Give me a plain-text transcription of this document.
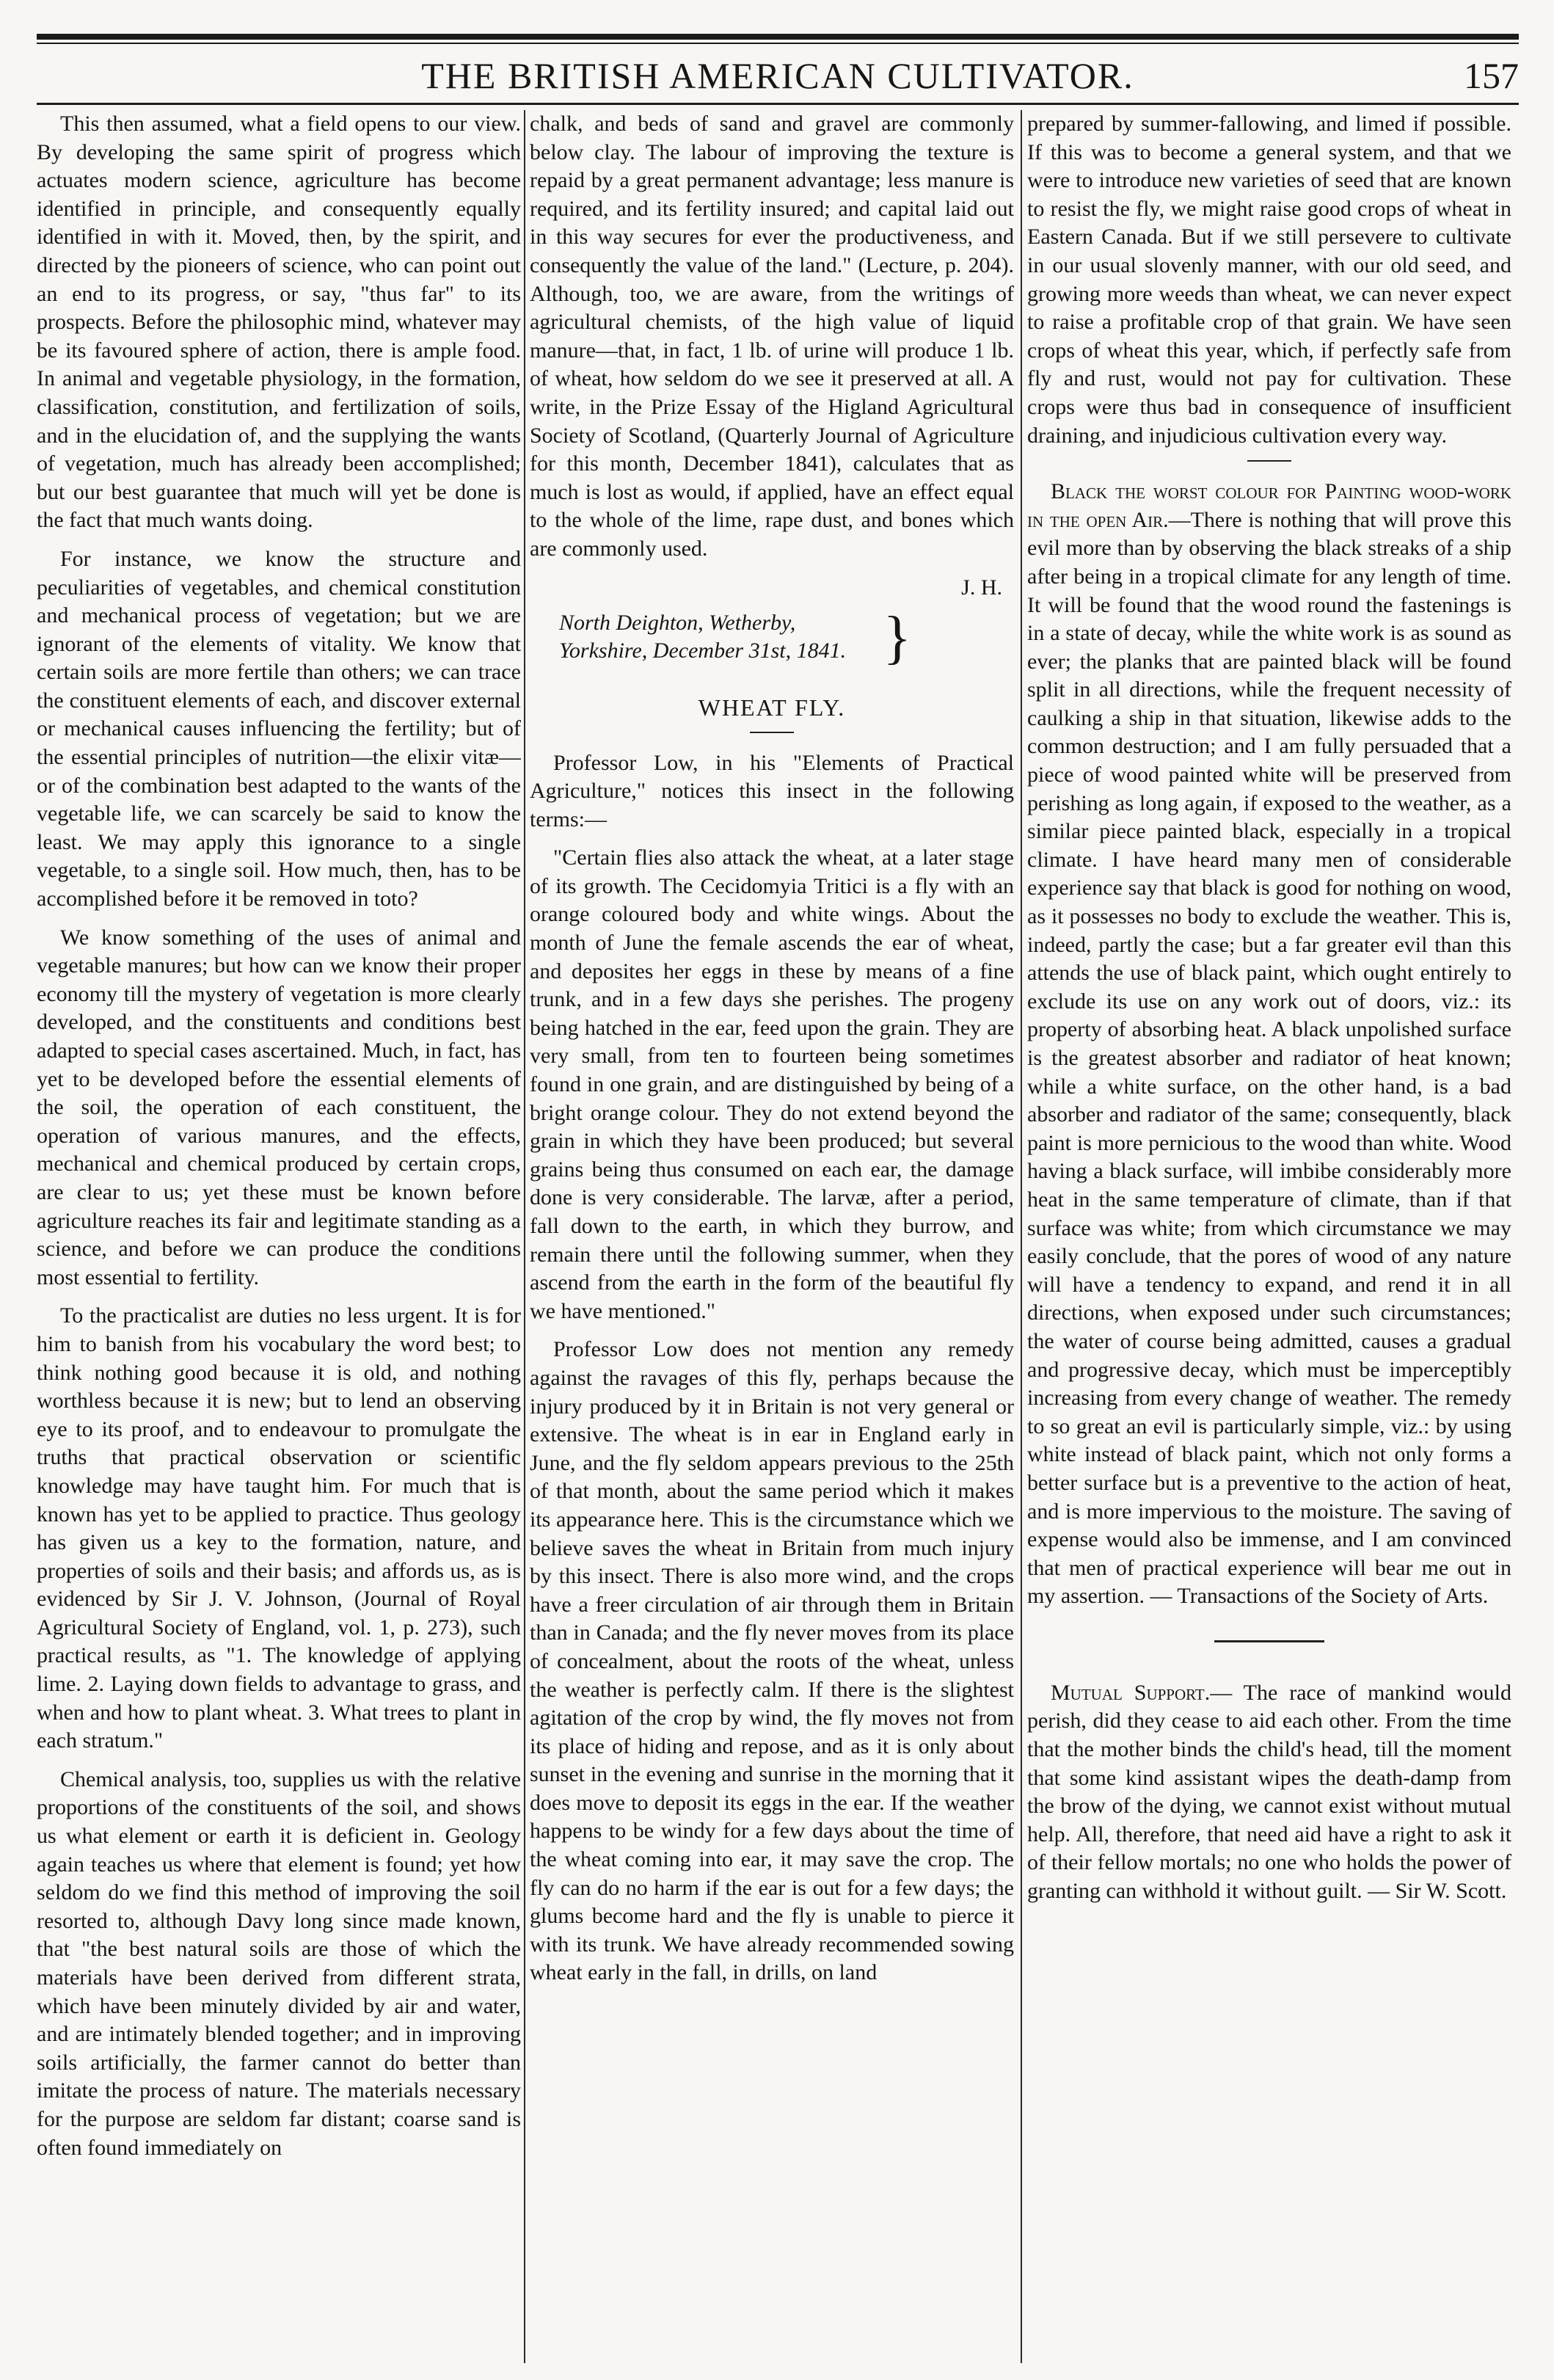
THE BRITISH AMERICAN CULTIVATOR.	157

This then assumed, what a field opens to our view. By developing the same spirit of progress which actuates modern science, agriculture has become identified in principle, and consequently equally identified in with it. Moved, then, by the spirit, and directed by the pioneers of science, who can point out an end to its progress, or say, "thus far" to its prospects. Before the philosophic mind, whatever may be its favoured sphere of action, there is ample food. In animal and vegetable physiology, in the formation, classification, constitution, and fertilization of soils, and in the elucidation of, and the supplying the wants of vegetation, much has already been accomplished; but our best guarantee that much will yet be done is the fact that much wants doing.

For instance, we know the structure and peculiarities of vegetables, and chemical constitution and mechanical process of vegetation; but we are ignorant of the elements of vitality. We know that certain soils are more fertile than others; we can trace the constituent elements of each, and discover external or mechanical causes influencing the fertility; but of the essential principles of nutrition—the elixir vitæ—or of the combination best adapted to the wants of the vegetable life, we can scarcely be said to know the least. We may apply this ignorance to a single vegetable, to a single soil. How much, then, has to be accomplished before it be removed in toto?

We know something of the uses of animal and vegetable manures; but how can we know their proper economy till the mystery of vegetation is more clearly developed, and the constituents and conditions best adapted to special cases ascertained. Much, in fact, has yet to be developed before the essential elements of the soil, the operation of each constituent, the operation of various manures, and the effects, mechanical and chemical produced by certain crops, are clear to us; yet these must be known before agriculture reaches its fair and legitimate standing as a science, and before we can produce the conditions most essential to fertility.

To the practicalist are duties no less urgent. It is for him to banish from his vocabulary the word best; to think nothing good because it is old, and nothing worthless because it is new; but to lend an observing eye to its proof, and to endeavour to promulgate the truths that practical observation or scientific knowledge may have taught him. For much that is known has yet to be applied to practice. Thus geology has given us a key to the formation, nature, and properties of soils and their basis; and affords us, as is evidenced by Sir J. V. Johnson, (Journal of Royal Agricultural Society of England, vol. 1, p. 273), such practical results, as "1. The knowledge of applying lime. 2. Laying down fields to advantage to grass, and when and how to plant wheat. 3. What trees to plant in each stratum."

Chemical analysis, too, supplies us with the relative proportions of the constituents of the soil, and shows us what element or earth it is deficient in. Geology again teaches us where that element is found; yet how seldom do we find this method of improving the soil resorted to, although Davy long since made known, that "the best natural soils are those of which the materials have been derived from different strata, which have been minutely divided by air and water, and are intimately blended together; and in improving soils artificially, the farmer cannot do better than imitate the process of nature. The materials necessary for the purpose are seldom far distant; coarse sand is often found immediately on

chalk, and beds of sand and gravel are commonly below clay. The labour of improving the texture is repaid by a great permanent advantage; less manure is required, and its fertility insured; and capital laid out in this way secures for ever the productiveness, and consequently the value of the land." (Lecture, p. 204). Although, too, we are aware, from the writings of agricultural chemists, of the high value of liquid manure—that, in fact, 1 lb. of urine will produce 1 lb. of wheat, how seldom do we see it preserved at all. A write, in the Prize Essay of the Higland Agricultural Society of Scotland, (Quarterly Journal of Agriculture for this month, December 1841), calculates that as much is lost as would, if applied, have an effect equal to the whole of the lime, rape dust, and bones which are commonly used.

J. H.
North Deighton, Wetherby,
Yorkshire, December 31st, 1841. }
WHEAT FLY.

Professor Low, in his "Elements of Practical Agriculture," notices this insect in the following terms:—

"Certain flies also attack the wheat, at a later stage of its growth. The Cecidomyia Tritici is a fly with an orange coloured body and white wings. About the month of June the female ascends the ear of wheat, and deposites her eggs in these by means of a fine trunk, and in a few days she perishes. The progeny being hatched in the ear, feed upon the grain. They are very small, from ten to fourteen being sometimes found in one grain, and are distinguished by being of a bright orange colour. They do not extend beyond the grain in which they have been produced; but several grains being thus consumed on each ear, the damage done is very considerable. The larvæ, after a period, fall down to the earth, in which they burrow, and remain there until the following summer, when they ascend from the earth in the form of the beautiful fly we have mentioned."

Professor Low does not mention any remedy against the ravages of this fly, perhaps because the injury produced by it in Britain is not very general or extensive. The wheat is in ear in England early in June, and the fly seldom appears previous to the 25th of that month, about the same period which it makes its appearance here. This is the circumstance which we believe saves the wheat in Britain from much injury by this insect. There is also more wind, and the crops have a freer circulation of air through them in Britain than in Canada; and the fly never moves from its place of concealment, about the roots of the wheat, unless the weather is perfectly calm. If there is the slightest agitation of the crop by wind, the fly moves not from its place of hiding and repose, and as it is only about sunset in the evening and sunrise in the morning that it does move to deposit its eggs in the ear. If the weather happens to be windy for a few days about the time of the wheat coming into ear, it may save the crop. The fly can do no harm if the ear is out for a few days; the glums become hard and the fly is unable to pierce it with its trunk. We have already recommended sowing wheat early in the fall, in drills, on land

prepared by summer-fallowing, and limed if possible. If this was to become a general system, and that we were to introduce new varieties of seed that are known to resist the fly, we might raise good crops of wheat in Eastern Canada. But if we still persevere to cultivate in our usual slovenly manner, with our old seed, and growing more weeds than wheat, we can never expect to raise a profitable crop of that grain. We have seen crops of wheat this year, which, if perfectly safe from fly and rust, would not pay for cultivation. These crops were thus bad in consequence of insufficient draining, and injudicious cultivation every way.

Black the worst colour for Painting wood-work in the open Air.—There is nothing that will prove this evil more than by observing the black streaks of a ship after being in a tropical climate for any length of time. It will be found that the wood round the fastenings is in a state of decay, while the white work is as sound as ever; the planks that are painted black will be found split in all directions, while the frequent necessity of caulking a ship in that situation, likewise adds to the common destruction; and I am fully persuaded that a piece of wood painted white will be preserved from perishing as long again, if exposed to the weather, as a similar piece painted black, especially in a tropical climate. I have heard many men of considerable experience say that black is good for nothing on wood, as it possesses no body to exclude the weather. This is, indeed, partly the case; but a far greater evil than this attends the use of black paint, which ought entirely to exclude its use on any work out of doors, viz.: its property of absorbing heat. A black unpolished surface is the greatest absorber and radiator of heat known; while a white surface, on the other hand, is a bad absorber and radiator of the same; consequently, black paint is more pernicious to the wood than white. Wood having a black surface, will imbibe considerably more heat in the same temperature of climate, than if that surface was white; from which circumstance we may easily conclude, that the pores of wood of any nature will have a tendency to expand, and rend it in all directions, when exposed under such circumstances; the water of course being admitted, causes a gradual and progressive decay, which must be imperceptibly increasing from every change of weather. The remedy to so great an evil is particularly simple, viz.: by using white instead of black paint, which not only forms a better surface but is a preventive to the action of heat, and is more impervious to the moisture. The saving of expense would also be immense, and I am convinced that men of practical experience will bear me out in my assertion. — Transactions of the Society of Arts.

Mutual Support.— The race of mankind would perish, did they cease to aid each other. From the time that the mother binds the child's head, till the moment that some kind assistant wipes the death-damp from the brow of the dying, we cannot exist without mutual help. All, therefore, that need aid have a right to ask it of their fellow mortals; no one who holds the power of granting can withhold it without guilt. — Sir W. Scott.
